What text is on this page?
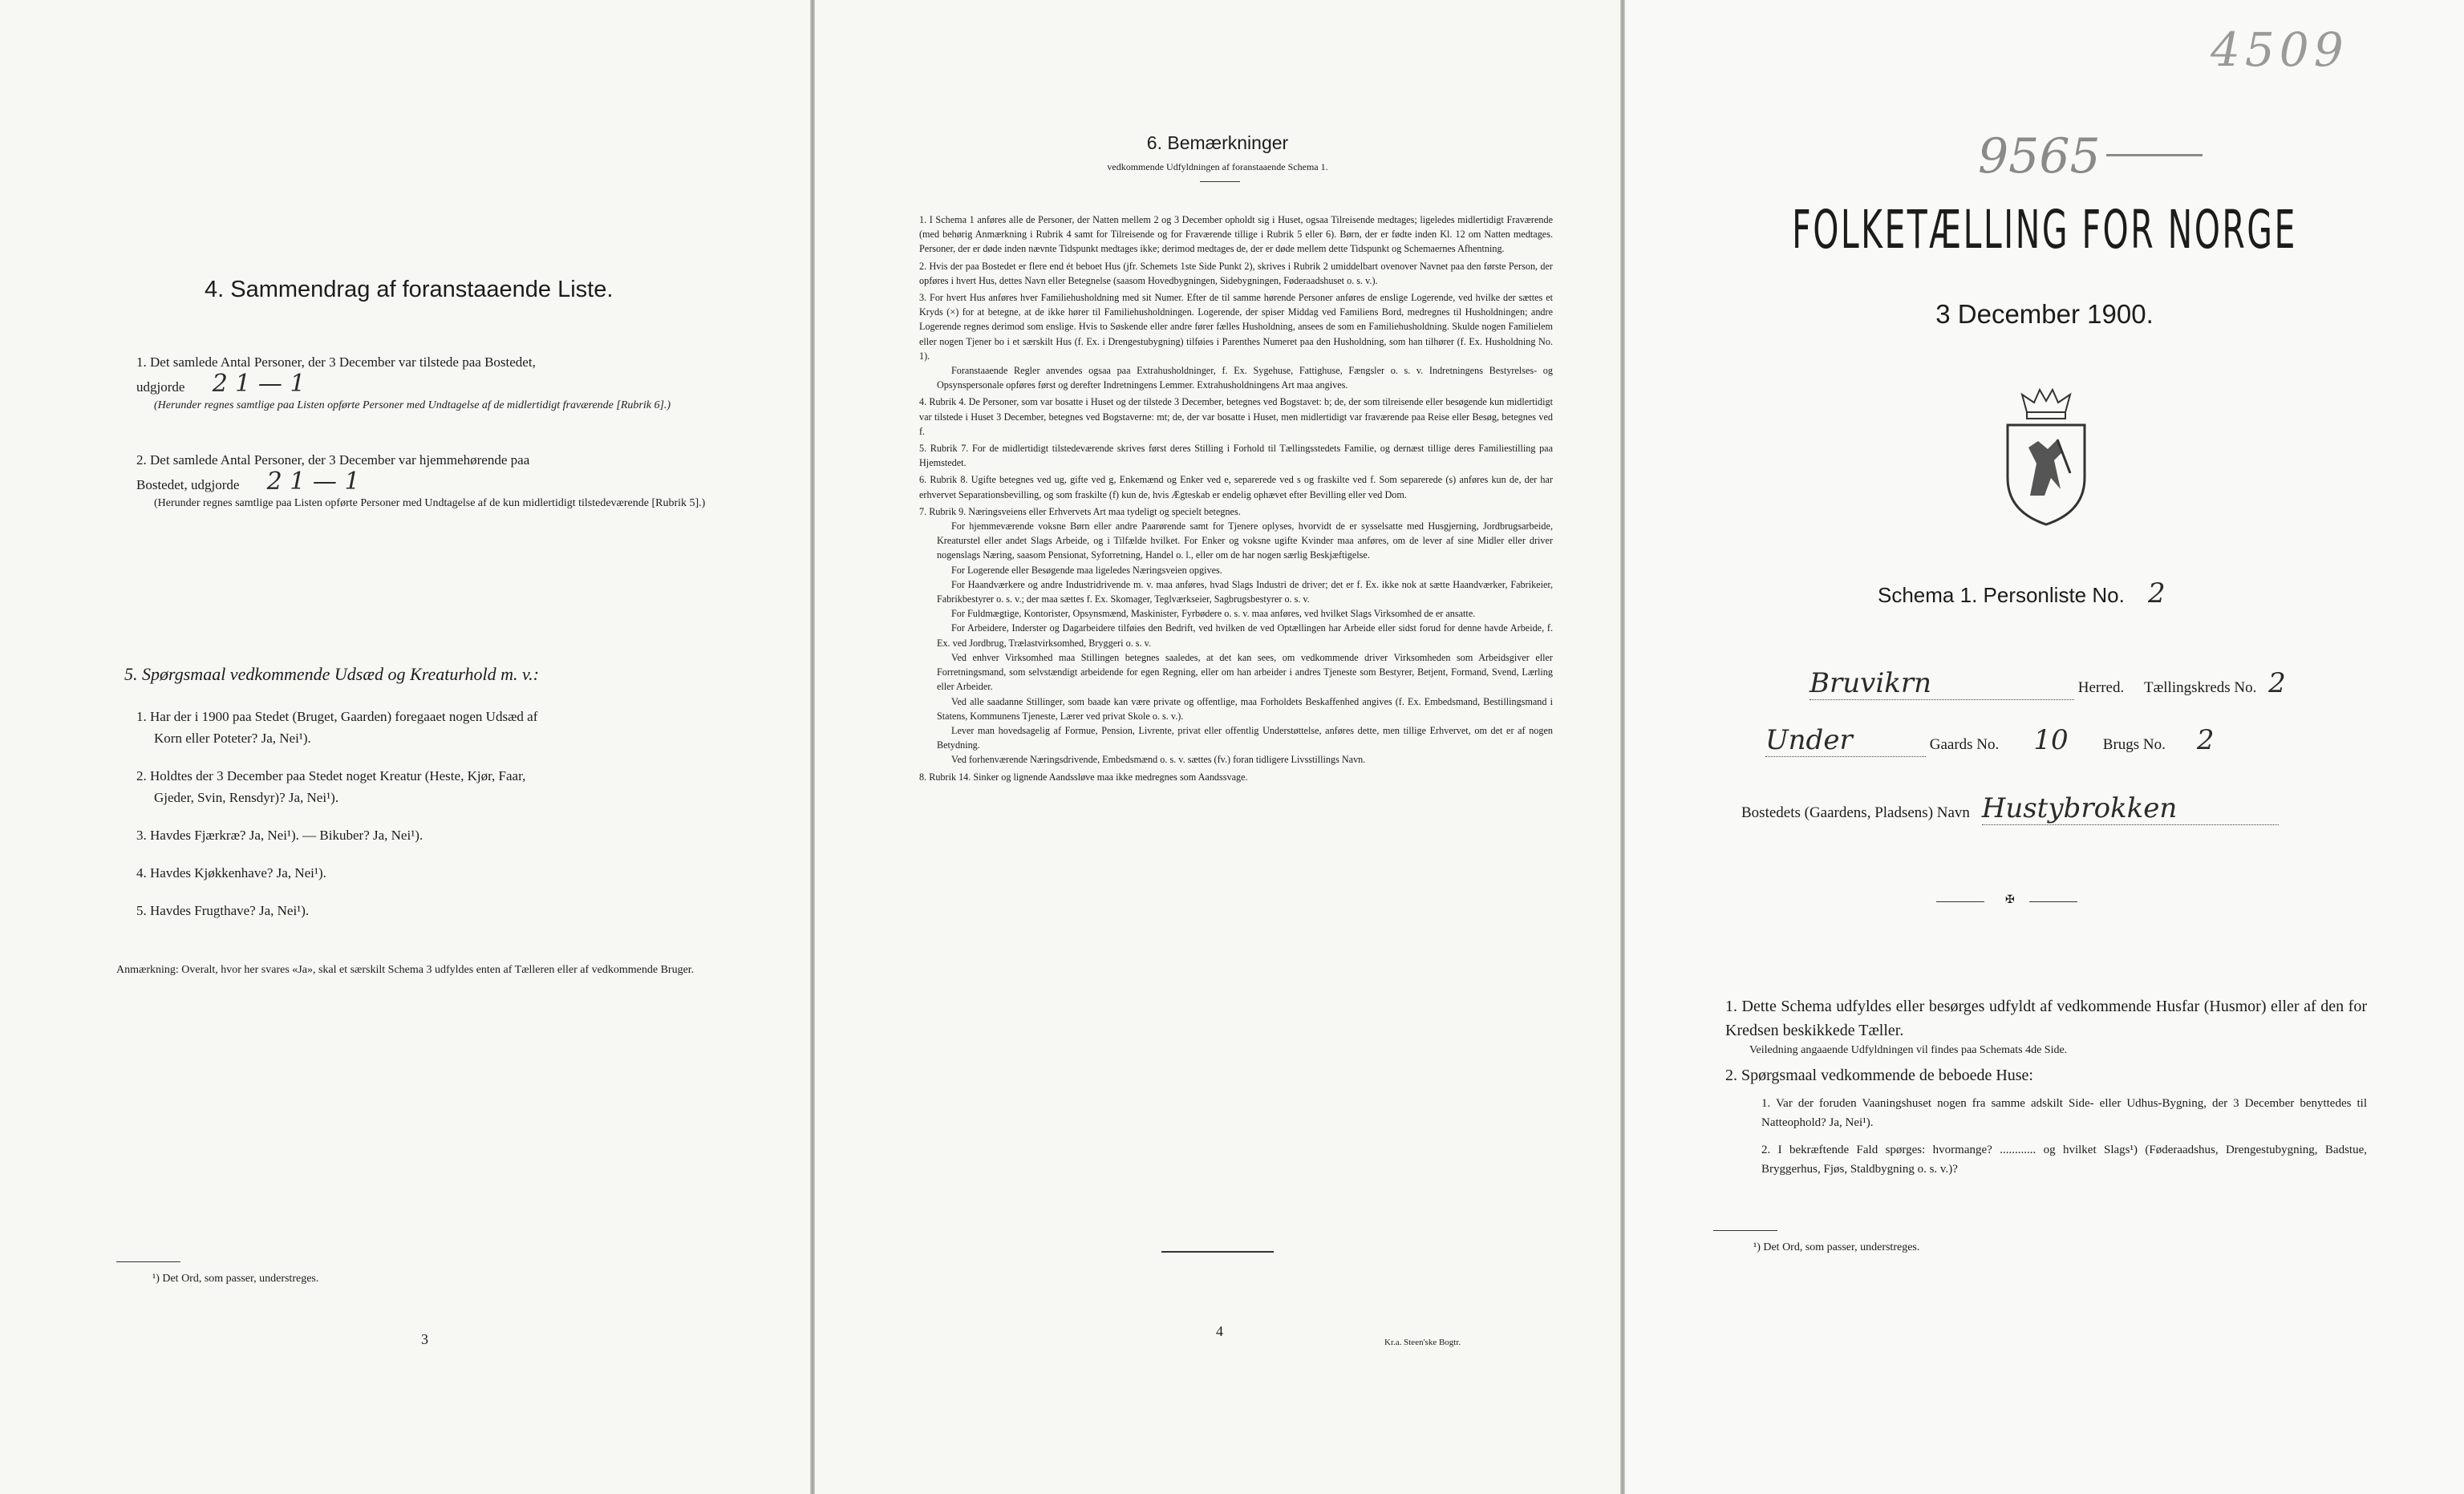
4. Sammendrag af foranstaaende Liste.
1. Det samlede Antal Personer, der 3 December var tilstede paa Bostedet,
udgjorde 2 1 — 1
(Herunder regnes samtlige paa Listen opførte Personer med Undtagelse af de midlertidigt fraværende [Rubrik 6].)
2. Det samlede Antal Personer, der 3 December var hjemmehørende paa
Bostedet, udgjorde 2 1 — 1
(Herunder regnes samtlige paa Listen opførte Personer med Undtagelse af de kun midlertidigt tilstedeværende [Rubrik 5].)
5. Spørgsmaal vedkommende Udsæd og Kreaturhold m. v.:
1. Har der i 1900 paa Stedet (Bruget, Gaarden) foregaaet nogen Udsæd af
Korn eller Poteter? Ja, Nei¹).
2. Holdtes der 3 December paa Stedet noget Kreatur (Heste, Kjør, Faar,
Gjeder, Svin, Rensdyr)? Ja, Nei¹).
3. Havdes Fjærkræ? Ja, Nei¹). — Bikuber? Ja, Nei¹).
4. Havdes Kjøkkenhave? Ja, Nei¹).
5. Havdes Frugthave? Ja, Nei¹).
Anmærkning: Overalt, hvor her svares «Ja», skal et særskilt Schema 3 udfyldes enten af Tælleren eller af vedkommende Bruger.
¹) Det Ord, som passer, understreges.
3
6. Bemærkninger
vedkommende Udfyldningen af foranstaaende Schema 1.
1. I Schema 1 anføres alle de Personer, der Natten mellem 2 og 3 December opholdt sig i Huset, ogsaa Tilreisende medtages; ligeledes midlertidigt Fraværende (med behørig Anmærkning i Rubrik 4 samt for Tilreisende og for Fraværende tillige i Rubrik 5 eller 6). Børn, der er fødte inden Kl. 12 om Natten medtages. Personer, der er døde inden nævnte Tidspunkt medtages ikke; derimod medtages de, der er døde mellem dette Tidspunkt og Schemaernes Afhentning.
2. Hvis der paa Bostedet er flere end ét beboet Hus (jfr. Schemets 1ste Side Punkt 2), skrives i Rubrik 2 umiddelbart ovenover Navnet paa den første Person, der opføres i hvert Hus, dettes Navn eller Betegnelse (saasom Hovedbygningen, Sidebygningen, Føderaadshuset o. s. v.).
3. For hvert Hus anføres hver Familiehusholdning med sit Numer. Efter de til samme hørende Personer anføres de enslige Logerende, ved hvilke der sættes et Kryds (×) for at betegne, at de ikke hører til Familiehusholdningen. Logerende, der spiser Middag ved Familiens Bord, medregnes til Husholdningen; andre Logerende regnes derimod som enslige. Hvis to Søskende eller andre fører fælles Husholdning, ansees de som en Familiehusholdning. Skulde nogen Familielem eller nogen Tjener bo i et særskilt Hus (f. Ex. i Drengestubygning) tilføies i Parenthes Numeret paa den Husholdning, som han tilhører (f. Ex. Husholdning No. 1).
Foranstaaende Regler anvendes ogsaa paa Extrahusholdninger, f. Ex. Sygehuse, Fattighuse, Fængsler o. s. v. Indretningens Bestyrelses- og Opsynspersonale opføres først og derefter Indretningens Lemmer. Extrahusholdningens Art maa angives.
4. Rubrik 4. De Personer, som var bosatte i Huset og der tilstede 3 December, betegnes ved Bogstavet: b; de, der som tilreisende eller besøgende kun midlertidigt var tilstede i Huset 3 December, betegnes ved Bogstaverne: mt; de, der var bosatte i Huset, men midlertidigt var fraværende paa Reise eller Besøg, betegnes ved f.
5. Rubrik 7. For de midlertidigt tilstedeværende skrives først deres Stilling i Forhold til Tællingsstedets Familie, og dernæst tillige deres Familiestilling paa Hjemstedet.
6. Rubrik 8. Ugifte betegnes ved ug, gifte ved g, Enkemænd og Enker ved e, separerede ved s og fraskilte ved f. Som separerede (s) anføres kun de, der har erhvervet Separationsbevilling, og som fraskilte (f) kun de, hvis Ægteskab er endelig ophævet efter Bevilling eller ved Dom.
7. Rubrik 9. Næringsveiens eller Erhvervets Art maa tydeligt og specielt betegnes.
For hjemmeværende voksne Børn eller andre Paarørende samt for Tjenere oplyses, hvorvidt de er sysselsatte med Husgjerning, Jordbrugsarbeide, Kreaturstel eller andet Slags Arbeide, og i Tilfælde hvilket. For Enker og voksne ugifte Kvinder maa anføres, om de lever af sine Midler eller driver nogenslags Næring, saasom Pensionat, Syforretning, Handel o. l., eller om de har nogen særlig Beskjæftigelse.
For Logerende eller Besøgende maa ligeledes Næringsveien opgives.
For Haandværkere og andre Industridrivende m. v. maa anføres, hvad Slags Industri de driver; det er f. Ex. ikke nok at sætte Haandværker, Fabrikeier, Fabrikbestyrer o. s. v.; der maa sættes f. Ex. Skomager, Teglværkseier, Sagbrugsbestyrer o. s. v.
For Fuldmægtige, Kontorister, Opsynsmænd, Maskinister, Fyrbødere o. s. v. maa anføres, ved hvilket Slags Virksomhed de er ansatte.
For Arbeidere, Inderster og Dagarbeidere tilføies den Bedrift, ved hvilken de ved Optællingen har Arbeide eller sidst forud for denne havde Arbeide, f. Ex. ved Jordbrug, Trælastvirksomhed, Bryggeri o. s. v.
Ved enhver Virksomhed maa Stillingen betegnes saaledes, at det kan sees, om vedkommende driver Virksomheden som Arbeidsgiver eller Forretningsmand, som selvstændigt arbeidende for egen Regning, eller om han arbeider i andres Tjeneste som Bestyrer, Betjent, Formand, Svend, Lærling eller Arbeider.
Ved alle saadanne Stillinger, som baade kan være private og offentlige, maa Forholdets Beskaffenhed angives (f. Ex. Embedsmand, Bestillingsmand i Statens, Kommunens Tjeneste, Lærer ved privat Skole o. s. v.).
Lever man hovedsagelig af Formue, Pension, Livrente, privat eller offentlig Understøttelse, anføres dette, men tillige Erhvervet, om det er af nogen Betydning.
Ved forhenværende Næringsdrivende, Embedsmænd o. s. v. sættes (fv.) foran tidligere Livsstillings Navn.
8. Rubrik 14. Sinker og lignende Aandssløve maa ikke medregnes som Aandssvage.
4
Kr.a. Steen'ske Bogtr.
4509
9565
FOLKETÆLLING FOR NORGE
3 December 1900.
Schema 1. Personliste No. 2
Bruvikrn	Herred. Tællingskreds No. 2
Under	Gaards No. 10 Brugs No. 2
Bostedets (Gaardens, Pladsens) Navn Hustybrokken
✠
1. Dette Schema udfyldes eller besørges udfyldt af vedkommende Husfar (Husmor) eller af den for Kredsen beskikkede Tæller.
Veiledning angaaende Udfyldningen vil findes paa Schemats 4de Side.
2. Spørgsmaal vedkommende de beboede Huse:
1. Var der foruden Vaaningshuset nogen fra samme adskilt Side- eller Udhus-Bygning, der 3 December benyttedes til Natteophold? Ja, Nei¹).
2. I bekræftende Fald spørges: hvormange? ............ og hvilket Slags¹) (Føderaadshus, Drengestubygning, Badstue, Bryggerhus, Fjøs, Staldbygning o. s. v.)?
¹) Det Ord, som passer, understreges.
